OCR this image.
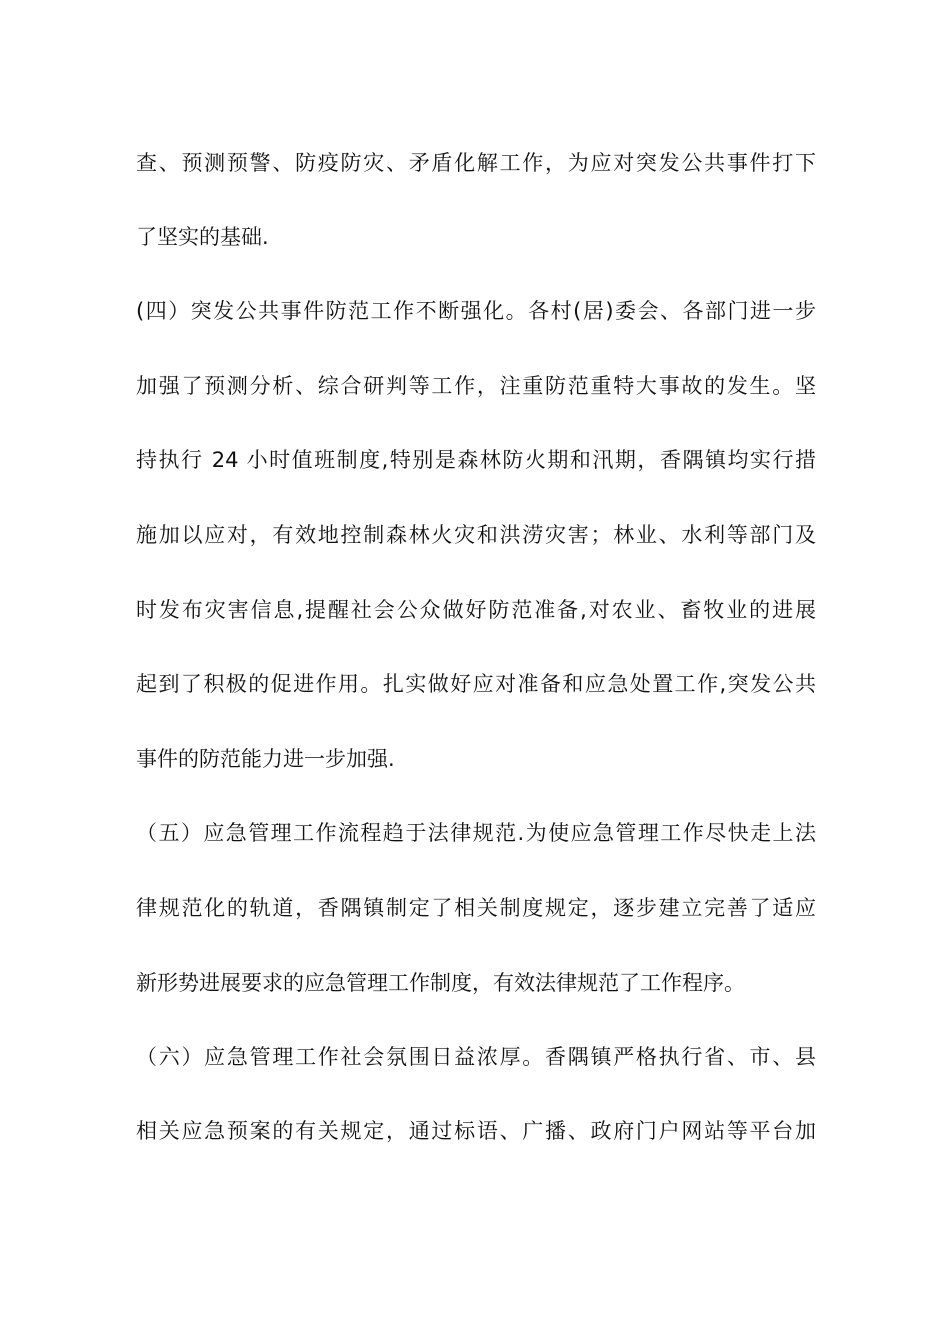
查、预测预警、防疫防灾、矛盾化解工作，为应对突发公共事件打下
了坚实的基础.
(四）突发公共事件防范工作不断强化。各村(居)委会、各部门进一步
加强了预测分析、综合研判等工作，注重防范重特大事故的发生。坚
持执行 24 小时值班制度,特别是森林防火期和汛期，香隅镇均实行措
施加以应对，有效地控制森林火灾和洪涝灾害；林业、水利等部门及
时发布灾害信息,提醒社会公众做好防范准备,对农业、畜牧业的进展
起到了积极的促进作用。扎实做好应对准备和应急处置工作,突发公共
事件的防范能力进一步加强.
（五）应急管理工作流程趋于法律规范.为使应急管理工作尽快走上法
律规范化的轨道，香隅镇制定了相关制度规定，逐步建立完善了适应
新形势进展要求的应急管理工作制度，有效法律规范了工作程序。
（六）应急管理工作社会氛围日益浓厚。香隅镇严格执行省、市、县
相关应急预案的有关规定，通过标语、广播、政府门户网站等平台加
